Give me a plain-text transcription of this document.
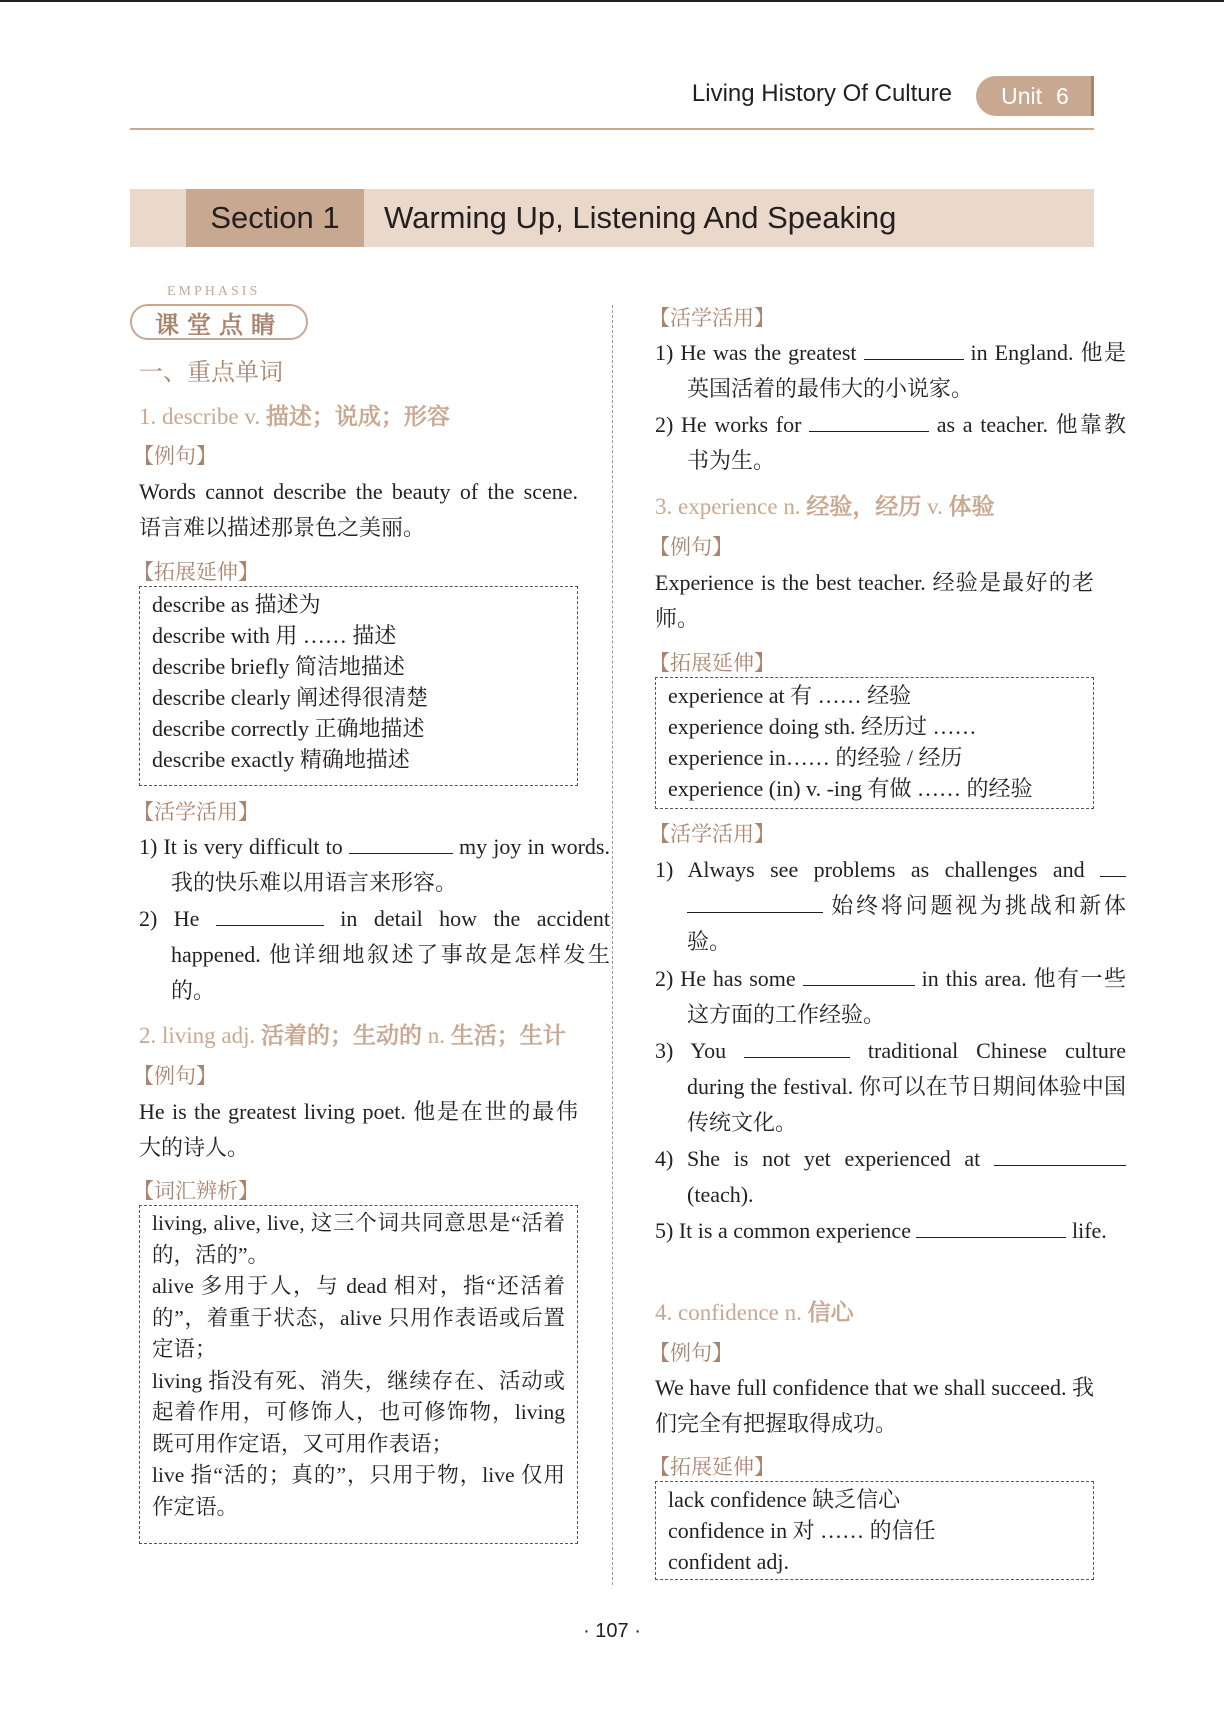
Living History Of Culture Unit 6
Section 1	Warming Up, Listening And Speaking
EMPHASIS
课堂点睛
一、重点单词
1. describe v. 描述；说成；形容
【例句】
Words cannot describe the beauty of the scene. 语言难以描述那景色之美丽。
【拓展延伸】
describe as 描述为
describe with 用 …… 描述
describe briefly 简洁地描述
describe clearly 阐述得很清楚
describe correctly 正确地描述
describe exactly 精确地描述
【活学活用】
1) It is very difficult to	my joy in words. 我的快乐难以用语言来形容。
2) He	in detail how the accident happened. 他详细地叙述了事故是怎样发生的。
2. living adj. 活着的；生动的 n. 生活；生计
【例句】
He is the greatest living poet. 他是在世的最伟大的诗人。
【词汇辨析】
living, alive, live, 这三个词共同意思是“活着的，活的”。
alive 多用于人，与 dead 相对，指“还活着的”，着重于状态，alive 只用作表语或后置定语；
living 指没有死、消失，继续存在、活动或起着作用，可修饰人，也可修饰物，living 既可用作定语，又可用作表语；
live 指“活的；真的”，只用于物，live 仅用作定语。
【活学活用】
1) He was the greatest	in England. 他是英国活着的最伟大的小说家。
2) He works for	as a teacher. 他靠教书为生。
3. experience n. 经验，经历 v. 体验
【例句】
Experience is the best teacher. 经验是最好的老师。
【拓展延伸】
experience at 有 …… 经验
experience doing sth. 经历过 ……
experience in…… 的经验 / 经历
experience (in) v. -ing 有做 …… 的经验
【活学活用】
1) Always see problems as challenges and   始终将问题视为挑战和新体验。
2) He has some	in this area. 他有一些这方面的工作经验。
3) You	traditional Chinese culture during the festival. 你可以在节日期间体验中国传统文化。
4) She is not yet experienced at  (teach).
5) It is a common experience	life.
4. confidence n. 信心
【例句】
We have full confidence that we shall succeed. 我们完全有把握取得成功。
【拓展延伸】
lack confidence 缺乏信心
confidence in 对 …… 的信任
confident adj.
· 107 ·
